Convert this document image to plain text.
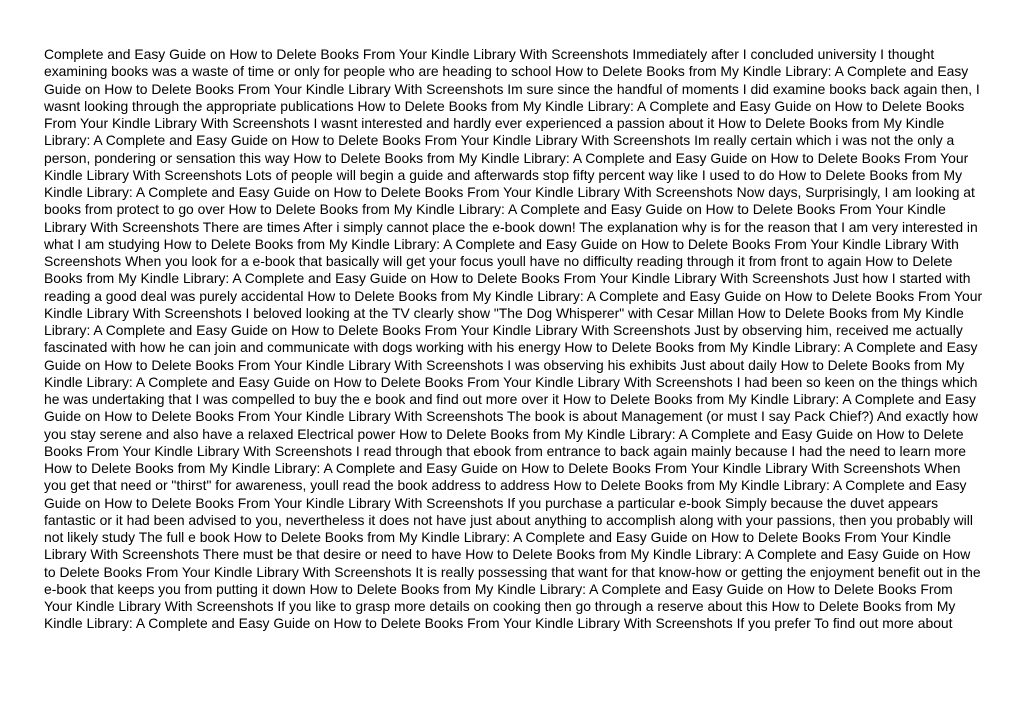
Complete and Easy Guide on How to Delete Books From Your Kindle Library With Screenshots Immediately after I concluded university I thought examining books was a waste of time or only for people who are heading to school How to Delete Books from My Kindle Library: A Complete and Easy Guide on How to Delete Books From Your Kindle Library With Screenshots Im sure since the handful of moments I did examine books back again then, I wasnt looking through the appropriate publications How to Delete Books from My Kindle Library: A Complete and Easy Guide on How to Delete Books From Your Kindle Library With Screenshots I wasnt interested and hardly ever experienced a passion about it How to Delete Books from My Kindle Library: A Complete and Easy Guide on How to Delete Books From Your Kindle Library With Screenshots Im really certain which i was not the only a person, pondering or sensation this way How to Delete Books from My Kindle Library: A Complete and Easy Guide on How to Delete Books From Your Kindle Library With Screenshots Lots of people will begin a guide and afterwards stop fifty percent way like I used to do How to Delete Books from My Kindle Library: A Complete and Easy Guide on How to Delete Books From Your Kindle Library With Screenshots Now days, Surprisingly, I am looking at books from protect to go over How to Delete Books from My Kindle Library: A Complete and Easy Guide on How to Delete Books From Your Kindle Library With Screenshots There are times After i simply cannot place the e-book down! The explanation why is for the reason that I am very interested in what I am studying How to Delete Books from My Kindle Library: A Complete and Easy Guide on How to Delete Books From Your Kindle Library With Screenshots When you look for a e-book that basically will get your focus youll have no difficulty reading through it from front to again How to Delete Books from My Kindle Library: A Complete and Easy Guide on How to Delete Books From Your Kindle Library With Screenshots Just how I started with reading a good deal was purely accidental How to Delete Books from My Kindle Library: A Complete and Easy Guide on How to Delete Books From Your Kindle Library With Screenshots I beloved looking at the TV clearly show "The Dog Whisperer" with Cesar Millan How to Delete Books from My Kindle Library: A Complete and Easy Guide on How to Delete Books From Your Kindle Library With Screenshots Just by observing him, received me actually fascinated with how he can join and communicate with dogs working with his energy How to Delete Books from My Kindle Library: A Complete and Easy Guide on How to Delete Books From Your Kindle Library With Screenshots I was observing his exhibits Just about daily How to Delete Books from My Kindle Library: A Complete and Easy Guide on How to Delete Books From Your Kindle Library With Screenshots I had been so keen on the things which he was undertaking that I was compelled to buy the e book and find out more over it How to Delete Books from My Kindle Library: A Complete and Easy Guide on How to Delete Books From Your Kindle Library With Screenshots The book is about Management (or must I say Pack Chief?) And exactly how you stay serene and also have a relaxed Electrical power How to Delete Books from My Kindle Library: A Complete and Easy Guide on How to Delete Books From Your Kindle Library With Screenshots I read through that ebook from entrance to back again mainly because I had the need to learn more How to Delete Books from My Kindle Library: A Complete and Easy Guide on How to Delete Books From Your Kindle Library With Screenshots When you get that need or "thirst" for awareness, youll read the book address to address How to Delete Books from My Kindle Library: A Complete and Easy Guide on How to Delete Books From Your Kindle Library With Screenshots If you purchase a particular e-book Simply because the duvet appears fantastic or it had been advised to you, nevertheless it does not have just about anything to accomplish along with your passions, then you probably will not likely study The full e book How to Delete Books from My Kindle Library: A Complete and Easy Guide on How to Delete Books From Your Kindle Library With Screenshots There must be that desire or need to have How to Delete Books from My Kindle Library: A Complete and Easy Guide on How to Delete Books From Your Kindle Library With Screenshots It is really possessing that want for that know-how or getting the enjoyment benefit out in the e-book that keeps you from putting it down How to Delete Books from My Kindle Library: A Complete and Easy Guide on How to Delete Books From Your Kindle Library With Screenshots If you like to grasp more details on cooking then go through a reserve about this How to Delete Books from My Kindle Library: A Complete and Easy Guide on How to Delete Books From Your Kindle Library With Screenshots If you prefer To find out more about
